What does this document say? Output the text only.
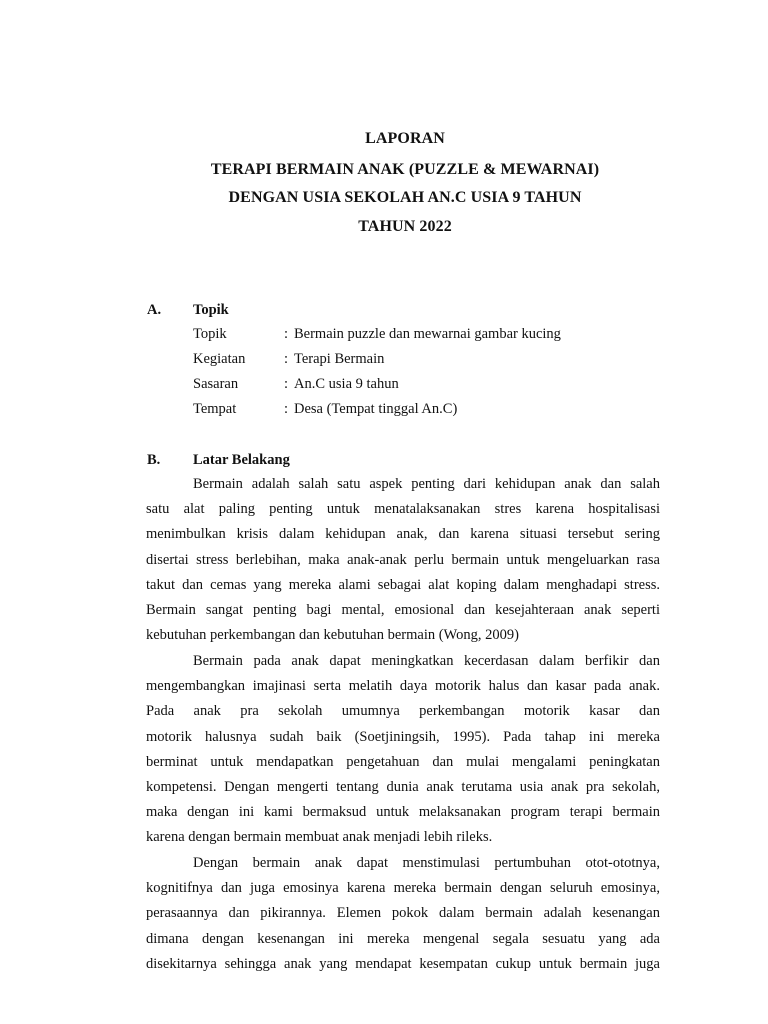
LAPORAN
TERAPI BERMAIN ANAK (PUZZLE & MEWARNAI)
DENGAN USIA SEKOLAH AN.C USIA 9 TAHUN
TAHUN 2022
A. Topik
Topik	: Bermain puzzle dan mewarnai gambar kucing
Kegiatan	: Terapi Bermain
Sasaran	: An.C usia 9 tahun
Tempat	: Desa (Tempat tinggal An.C)
B. Latar Belakang
Bermain adalah salah satu aspek penting dari kehidupan anak dan salah
satu alat paling penting untuk menatalaksanakan stres karena hospitalisasi
menimbulkan krisis dalam kehidupan anak, dan karena situasi tersebut sering
disertai stress berlebihan, maka anak-anak perlu bermain untuk mengeluarkan rasa
takut dan cemas yang mereka alami sebagai alat koping dalam menghadapi stress.
Bermain sangat penting bagi mental, emosional dan kesejahteraan anak seperti
kebutuhan perkembangan dan kebutuhan bermain (Wong, 2009)
Bermain pada anak dapat meningkatkan kecerdasan dalam berfikir dan
mengembangkan imajinasi serta melatih daya motorik halus dan kasar pada anak.
Pada anak pra sekolah umumnya perkembangan motorik kasar dan
motorik halusnya sudah baik (Soetjiningsih, 1995). Pada tahap ini mereka
berminat untuk mendapatkan pengetahuan dan mulai mengalami peningkatan
kompetensi. Dengan mengerti tentang dunia anak terutama usia anak pra sekolah,
maka dengan ini kami bermaksud untuk melaksanakan program terapi bermain
karena dengan bermain membuat anak menjadi lebih rileks.
Dengan bermain anak dapat menstimulasi pertumbuhan otot-ototnya,
kognitifnya dan juga emosinya karena mereka bermain dengan seluruh emosinya,
perasaannya dan pikirannya. Elemen pokok dalam bermain adalah kesenangan
dimana dengan kesenangan ini mereka mengenal segala sesuatu yang ada
disekitarnya sehingga anak yang mendapat kesempatan cukup untuk bermain juga
